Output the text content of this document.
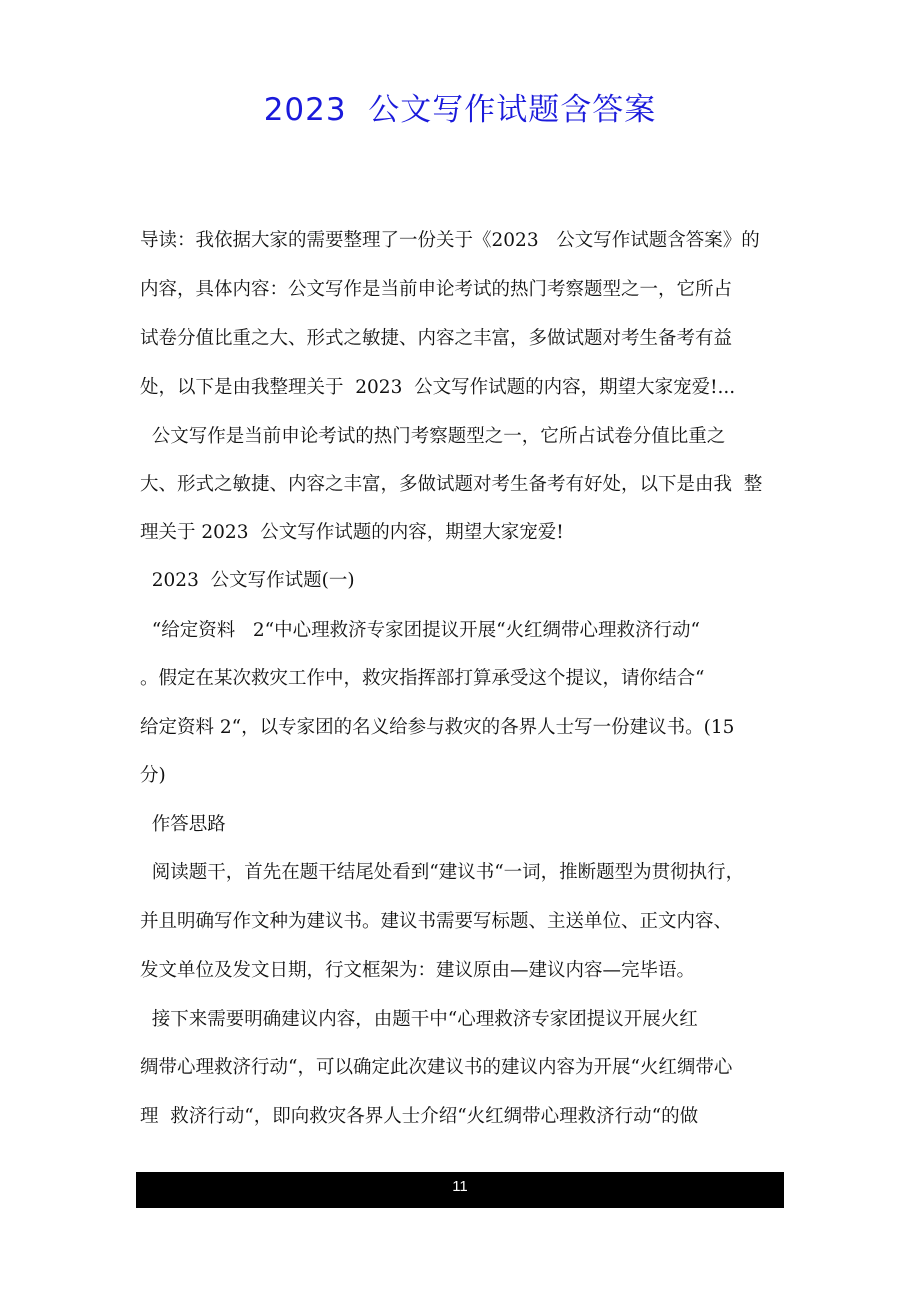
2023  公文写作试题含答案
导读：我依据大家的需要整理了一份关于《2023   公文写作试题含答案》的
内容，具体内容：公文写作是当前申论考试的热门考察题型之一，它所占
试卷分值比重之大、形式之敏捷、内容之丰富，多做试题对考生备考有益
处，以下是由我整理关于  2023  公文写作试题的内容，期望大家宠爱!...
公文写作是当前申论考试的热门考察题型之一，它所占试卷分值比重之
大、形式之敏捷、内容之丰富，多做试题对考生备考有好处，以下是由我  整
理关于 2023  公文写作试题的内容，期望大家宠爱!
2023  公文写作试题(一)
“给定资料   2“中心理救济专家团提议开展“火红绸带心理救济行动“
。假定在某次救灾工作中，救灾指挥部打算承受这个提议，请你结合“
给定资料 2“，以专家团的名义给参与救灾的各界人士写一份建议书。(15
分)
作答思路
阅读题干，首先在题干结尾处看到“建议书“一词，推断题型为贯彻执行，
并且明确写作文种为建议书。建议书需要写标题、主送单位、正文内容、
发文单位及发文日期，行文框架为：建议原由—建议内容—完毕语。
接下来需要明确建议内容，由题干中“心理救济专家团提议开展火红
绸带心理救济行动“，可以确定此次建议书的建议内容为开展“火红绸带心
理  救济行动“，即向救灾各界人士介绍“火红绸带心理救济行动“的做
11
